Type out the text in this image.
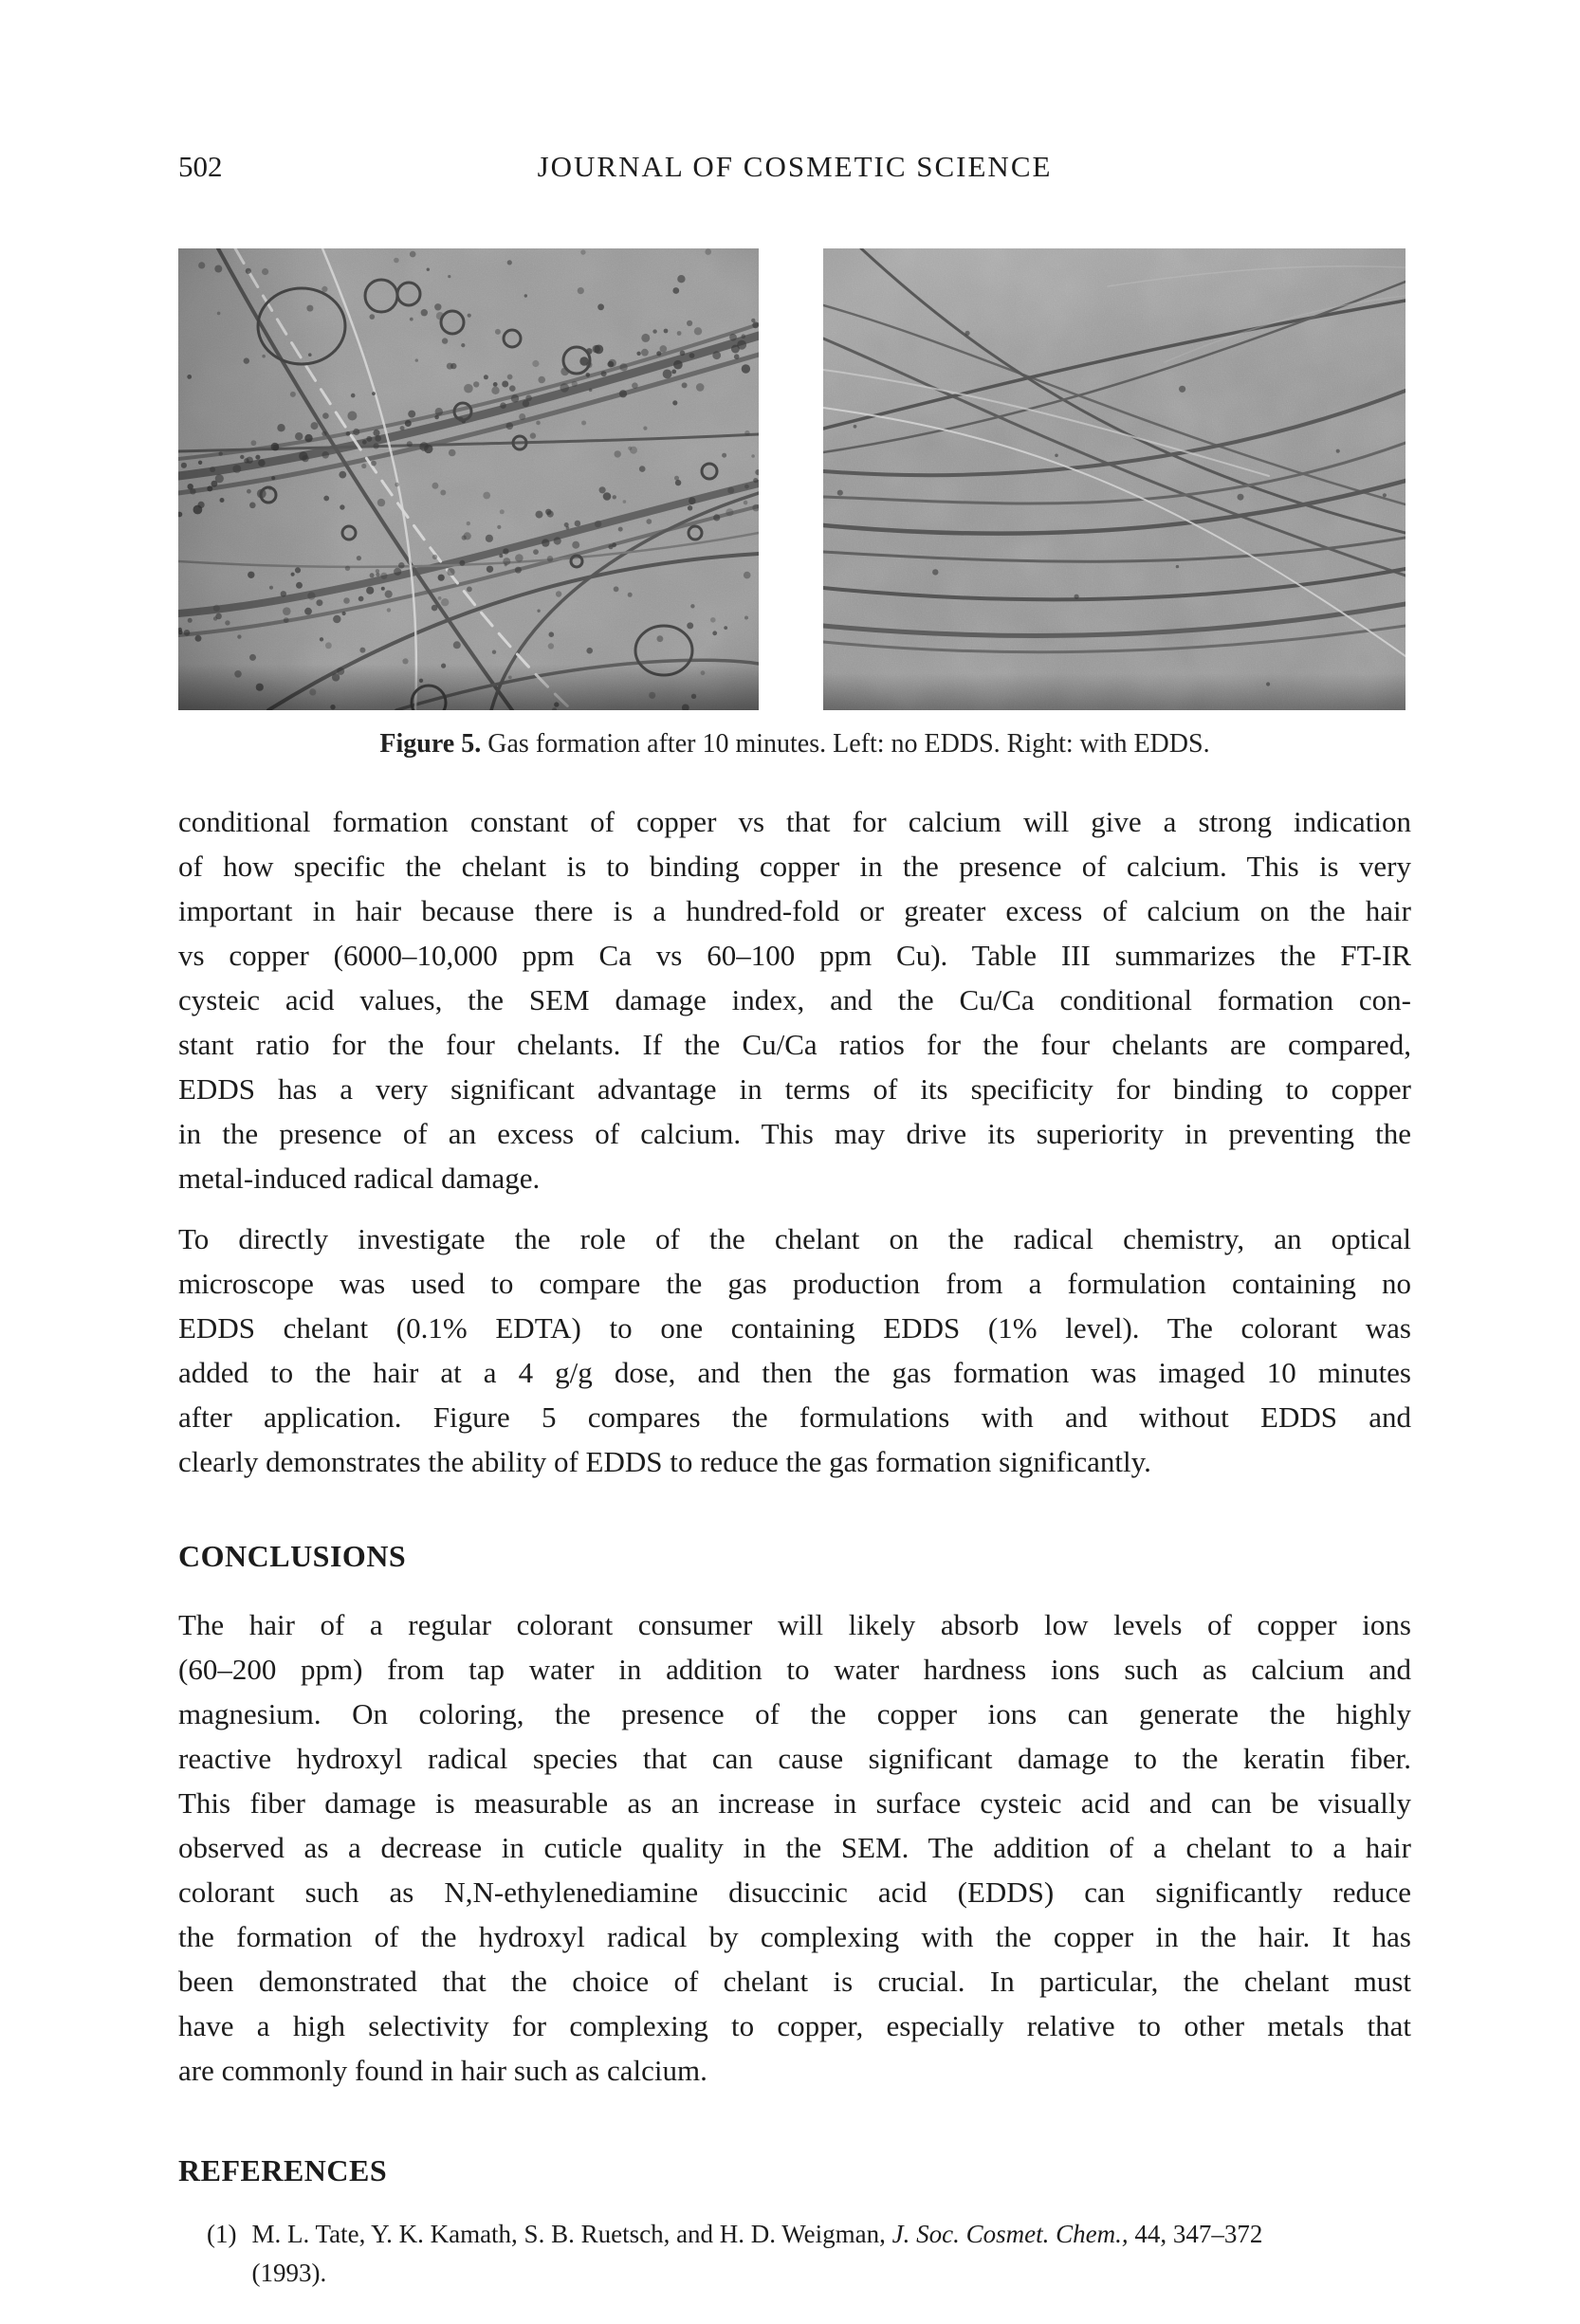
502	JOURNAL OF COSMETIC SCIENCE
Figure 5. Gas formation after 10 minutes. Left: no EDDS. Right: with EDDS.
conditional formation constant of copper vs that for calcium will give a strong indication
of how specific the chelant is to binding copper in the presence of calcium. This is very
important in hair because there is a hundred-fold or greater excess of calcium on the hair
vs copper (6000–10,000 ppm Ca vs 60–100 ppm Cu). Table III summarizes the FT-IR
cysteic acid values, the SEM damage index, and the Cu/Ca conditional formation con-
stant ratio for the four chelants. If the Cu/Ca ratios for the four chelants are compared,
EDDS has a very significant advantage in terms of its specificity for binding to copper
in the presence of an excess of calcium. This may drive its superiority in preventing the
metal-induced radical damage.
To directly investigate the role of the chelant on the radical chemistry, an optical
microscope was used to compare the gas production from a formulation containing no
EDDS chelant (0.1% EDTA) to one containing EDDS (1% level). The colorant was
added to the hair at a 4 g/g dose, and then the gas formation was imaged 10 minutes
after application. Figure 5 compares the formulations with and without EDDS and
clearly demonstrates the ability of EDDS to reduce the gas formation significantly.
CONCLUSIONS
The hair of a regular colorant consumer will likely absorb low levels of copper ions
(60–200 ppm) from tap water in addition to water hardness ions such as calcium and
magnesium. On coloring, the presence of the copper ions can generate the highly
reactive hydroxyl radical species that can cause significant damage to the keratin fiber.
This fiber damage is measurable as an increase in surface cysteic acid and can be visually
observed as a decrease in cuticle quality in the SEM. The addition of a chelant to a hair
colorant such as N,N-ethylenediamine disuccinic acid (EDDS) can significantly reduce
the formation of the hydroxyl radical by complexing with the copper in the hair. It has
been demonstrated that the choice of chelant is crucial. In particular, the chelant must
have a high selectivity for complexing to copper, especially relative to other metals that
are commonly found in hair such as calcium.
REFERENCES
(1) M. L. Tate, Y. K. Kamath, S. B. Ruetsch, and H. D. Weigman, J. Soc. Cosmet. Chem., 44, 347–372
(1993).
